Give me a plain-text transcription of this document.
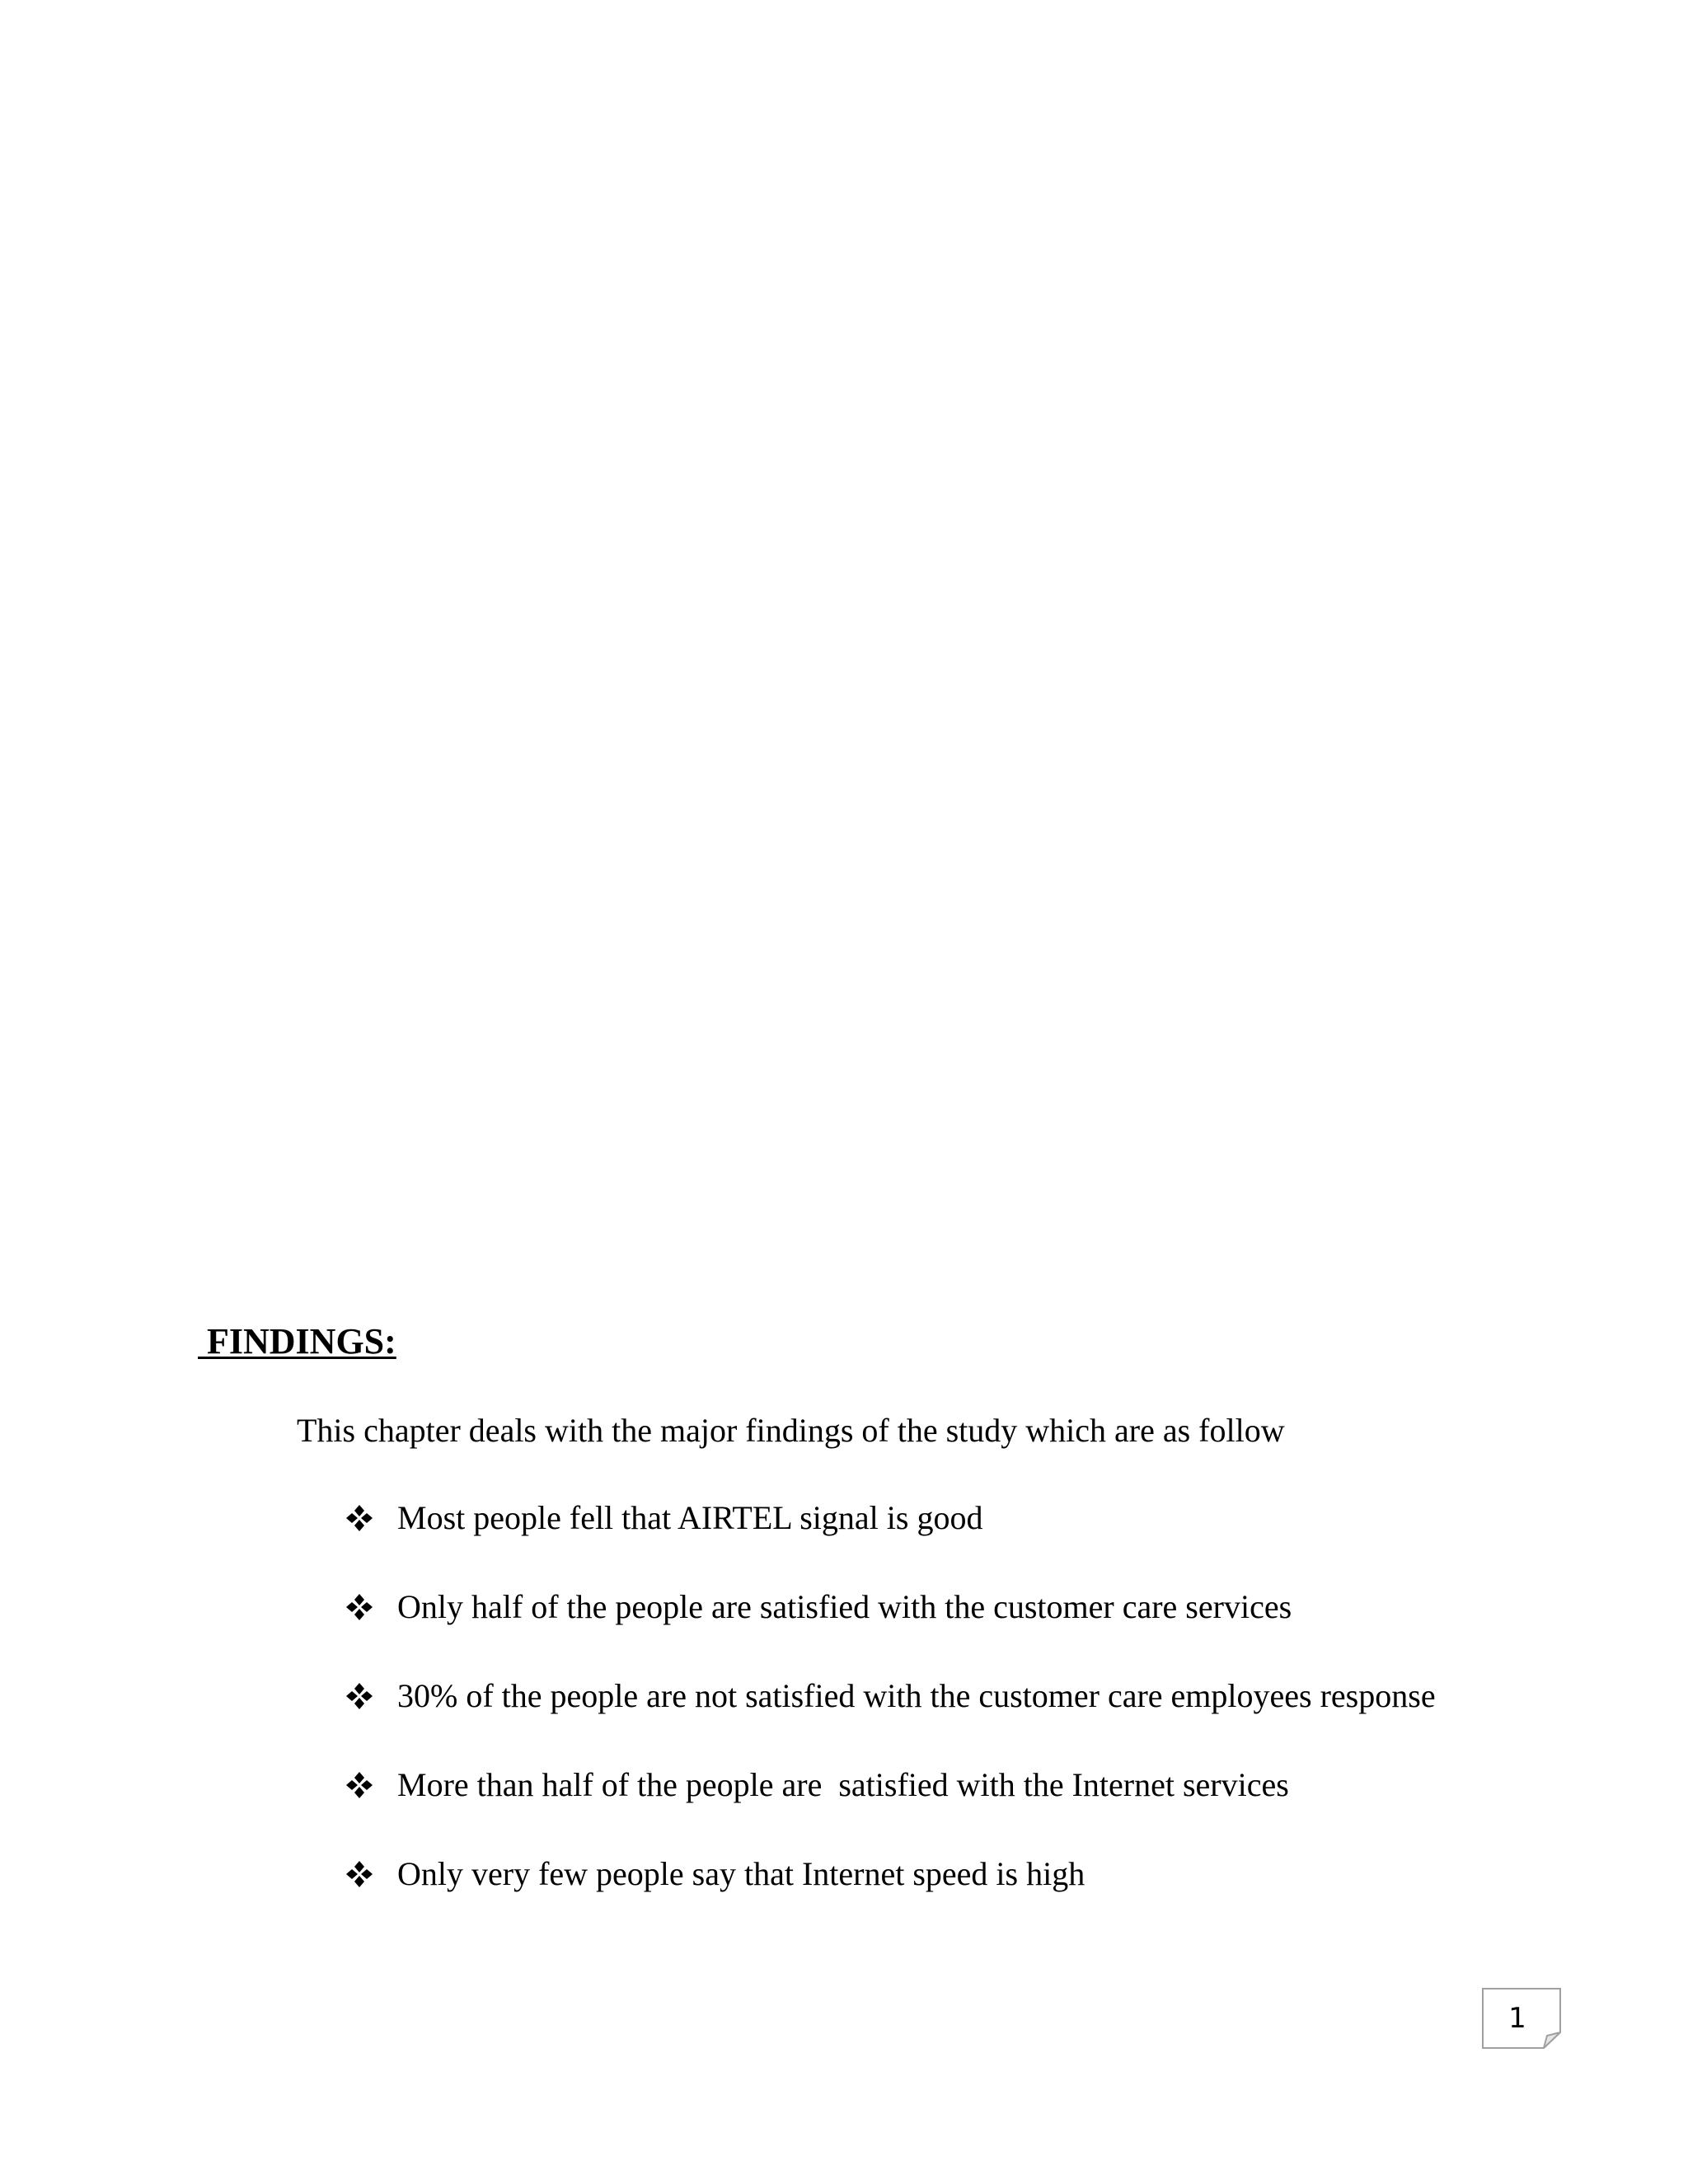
FINDINGS:

This chapter deals with the major findings of the study which are as follow

Most people fell that AIRTEL signal is good
Only half of the people are satisfied with the customer care services
30% of the people are not satisfied with the customer care employees response
More than half of the people are  satisfied with the Internet services
Only very few people say that Internet speed is high
1
